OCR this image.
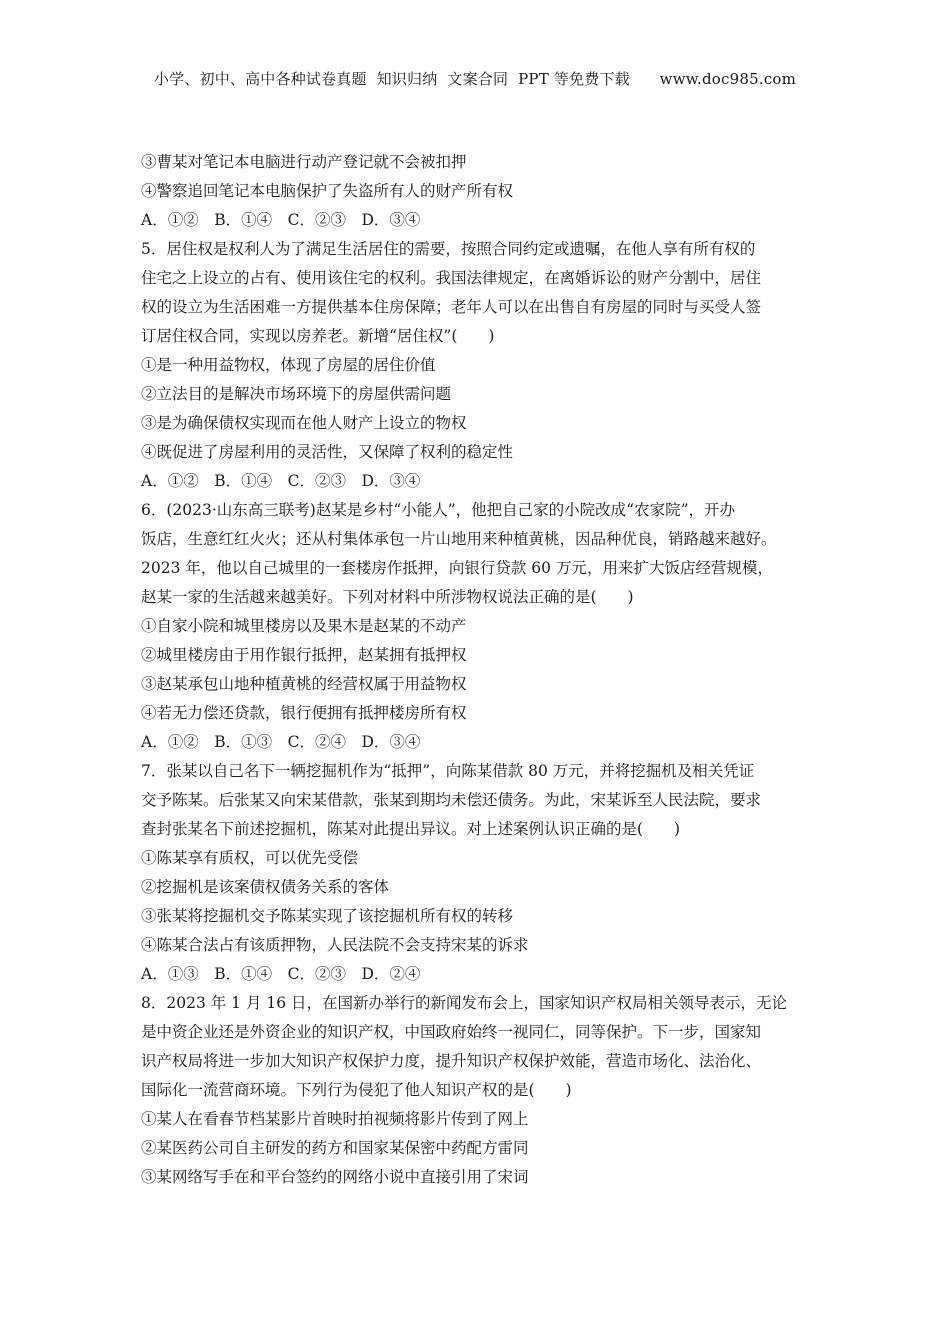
小学、初中、高中各种试卷真题  知识归纳  文案合同  PPT 等免费下载      www.doc985.com
③曹某对笔记本电脑进行动产登记就不会被扣押
④警察追回笔记本电脑保护了失盗所有人的财产所有权
A．①②　B．①④　C．②③　D．③④
5．居住权是权利人为了满足生活居住的需要，按照合同约定或遗嘱，在他人享有所有权的
住宅之上设立的占有、使用该住宅的权利。我国法律规定，在离婚诉讼的财产分割中，居住
权的设立为生活困难一方提供基本住房保障；老年人可以在出售自有房屋的同时与买受人签
订居住权合同，实现以房养老。新增“居住权”(　　)
①是一种用益物权，体现了房屋的居住价值
②立法目的是解决市场环境下的房屋供需问题
③是为确保债权实现而在他人财产上设立的物权
④既促进了房屋利用的灵活性，又保障了权利的稳定性
A．①②　B．①④　C．②③　D．③④
6．(2023·山东高三联考)赵某是乡村“小能人”，他把自己家的小院改成“农家院”，开办
饭店，生意红红火火；还从村集体承包一片山地用来种植黄桃，因品种优良，销路越来越好。
2023 年，他以自己城里的一套楼房作抵押，向银行贷款 60 万元，用来扩大饭店经营规模，
赵某一家的生活越来越美好。下列对材料中所涉物权说法正确的是(　　)
①自家小院和城里楼房以及果木是赵某的不动产
②城里楼房由于用作银行抵押，赵某拥有抵押权
③赵某承包山地种植黄桃的经营权属于用益物权
④若无力偿还贷款，银行便拥有抵押楼房所有权
A．①②　B．①③　C．②④　D．③④
7．张某以自己名下一辆挖掘机作为“抵押”，向陈某借款 80 万元，并将挖掘机及相关凭证
交予陈某。后张某又向宋某借款，张某到期均未偿还债务。为此，宋某诉至人民法院，要求
查封张某名下前述挖掘机，陈某对此提出异议。对上述案例认识正确的是(　　)
①陈某享有质权，可以优先受偿
②挖掘机是该案债权债务关系的客体
③张某将挖掘机交予陈某实现了该挖掘机所有权的转移
④陈某合法占有该质押物，人民法院不会支持宋某的诉求
A．①③　B．①④　C．②③　D．②④
8．2023 年 1 月 16 日，在国新办举行的新闻发布会上，国家知识产权局相关领导表示，无论
是中资企业还是外资企业的知识产权，中国政府始终一视同仁，同等保护。下一步，国家知
识产权局将进一步加大知识产权保护力度，提升知识产权保护效能，营造市场化、法治化、
国际化一流营商环境。下列行为侵犯了他人知识产权的是(　　)
①某人在看春节档某影片首映时拍视频将影片传到了网上
②某医药公司自主研发的药方和国家某保密中药配方雷同
③某网络写手在和平台签约的网络小说中直接引用了宋词
